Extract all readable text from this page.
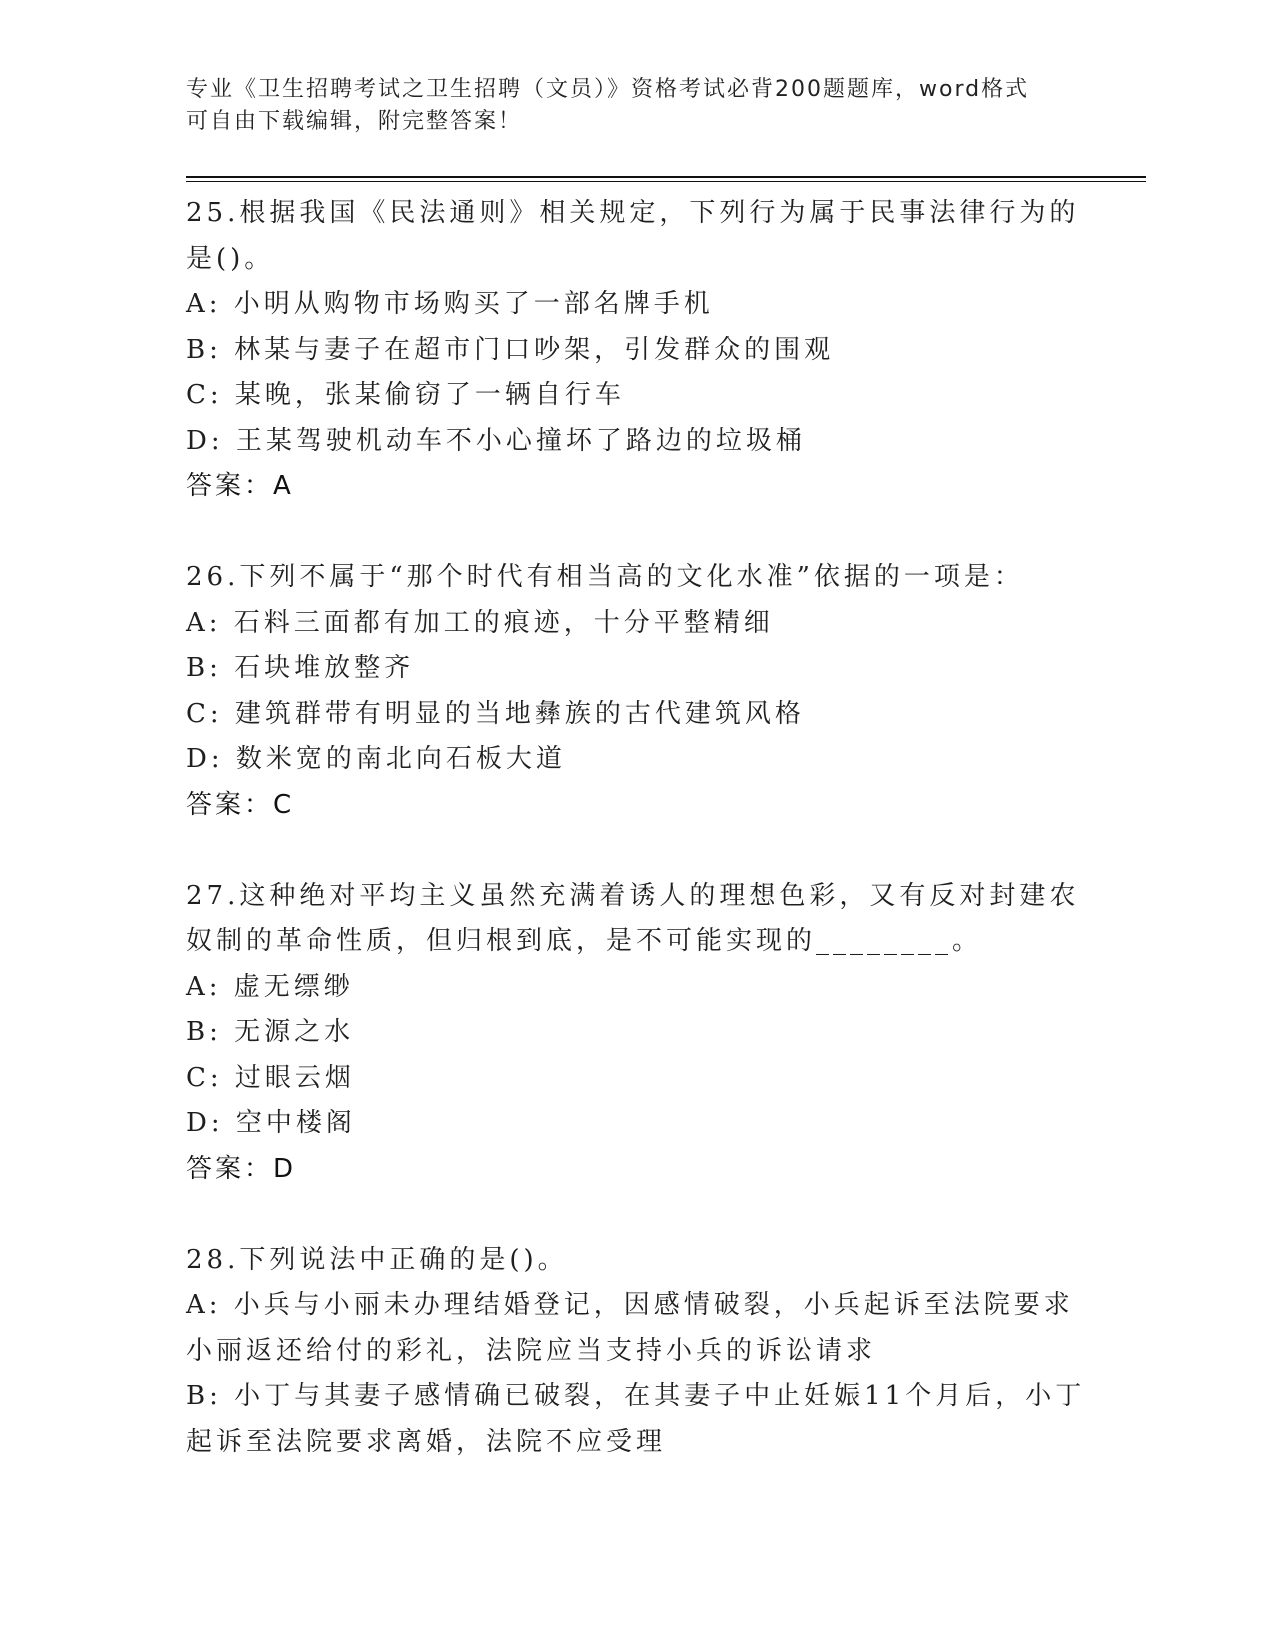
专业《卫生招聘考试之卫生招聘（文员）》资格考试必背200题题库，word格式
可自由下载编辑，附完整答案！

25.根据我国《民法通则》相关规定，下列行为属于民事法律行为的是()。

A: 小明从购物市场购买了一部名牌手机

B: 林某与妻子在超市门口吵架，引发群众的围观

C: 某晚，张某偷窃了一辆自行车

D: 王某驾驶机动车不小心撞坏了路边的垃圾桶

答案：A

26.下列不属于“那个时代有相当高的文化水准”依据的一项是：

A: 石料三面都有加工的痕迹，十分平整精细

B: 石块堆放整齐

C: 建筑群带有明显的当地彝族的古代建筑风格

D: 数米宽的南北向石板大道

答案：C

27.这种绝对平均主义虽然充满着诱人的理想色彩，又有反对封建农奴制的革命性质，但归根到底，是不可能实现的________。

A: 虚无缥缈

B: 无源之水

C: 过眼云烟

D: 空中楼阁

答案：D

28.下列说法中正确的是()。

A: 小兵与小丽未办理结婚登记，因感情破裂，小兵起诉至法院要求小丽返还给付的彩礼，法院应当支持小兵的诉讼请求

B: 小丁与其妻子感情确已破裂，在其妻子中止妊娠11个月后，小丁起诉至法院要求离婚，法院不应受理
